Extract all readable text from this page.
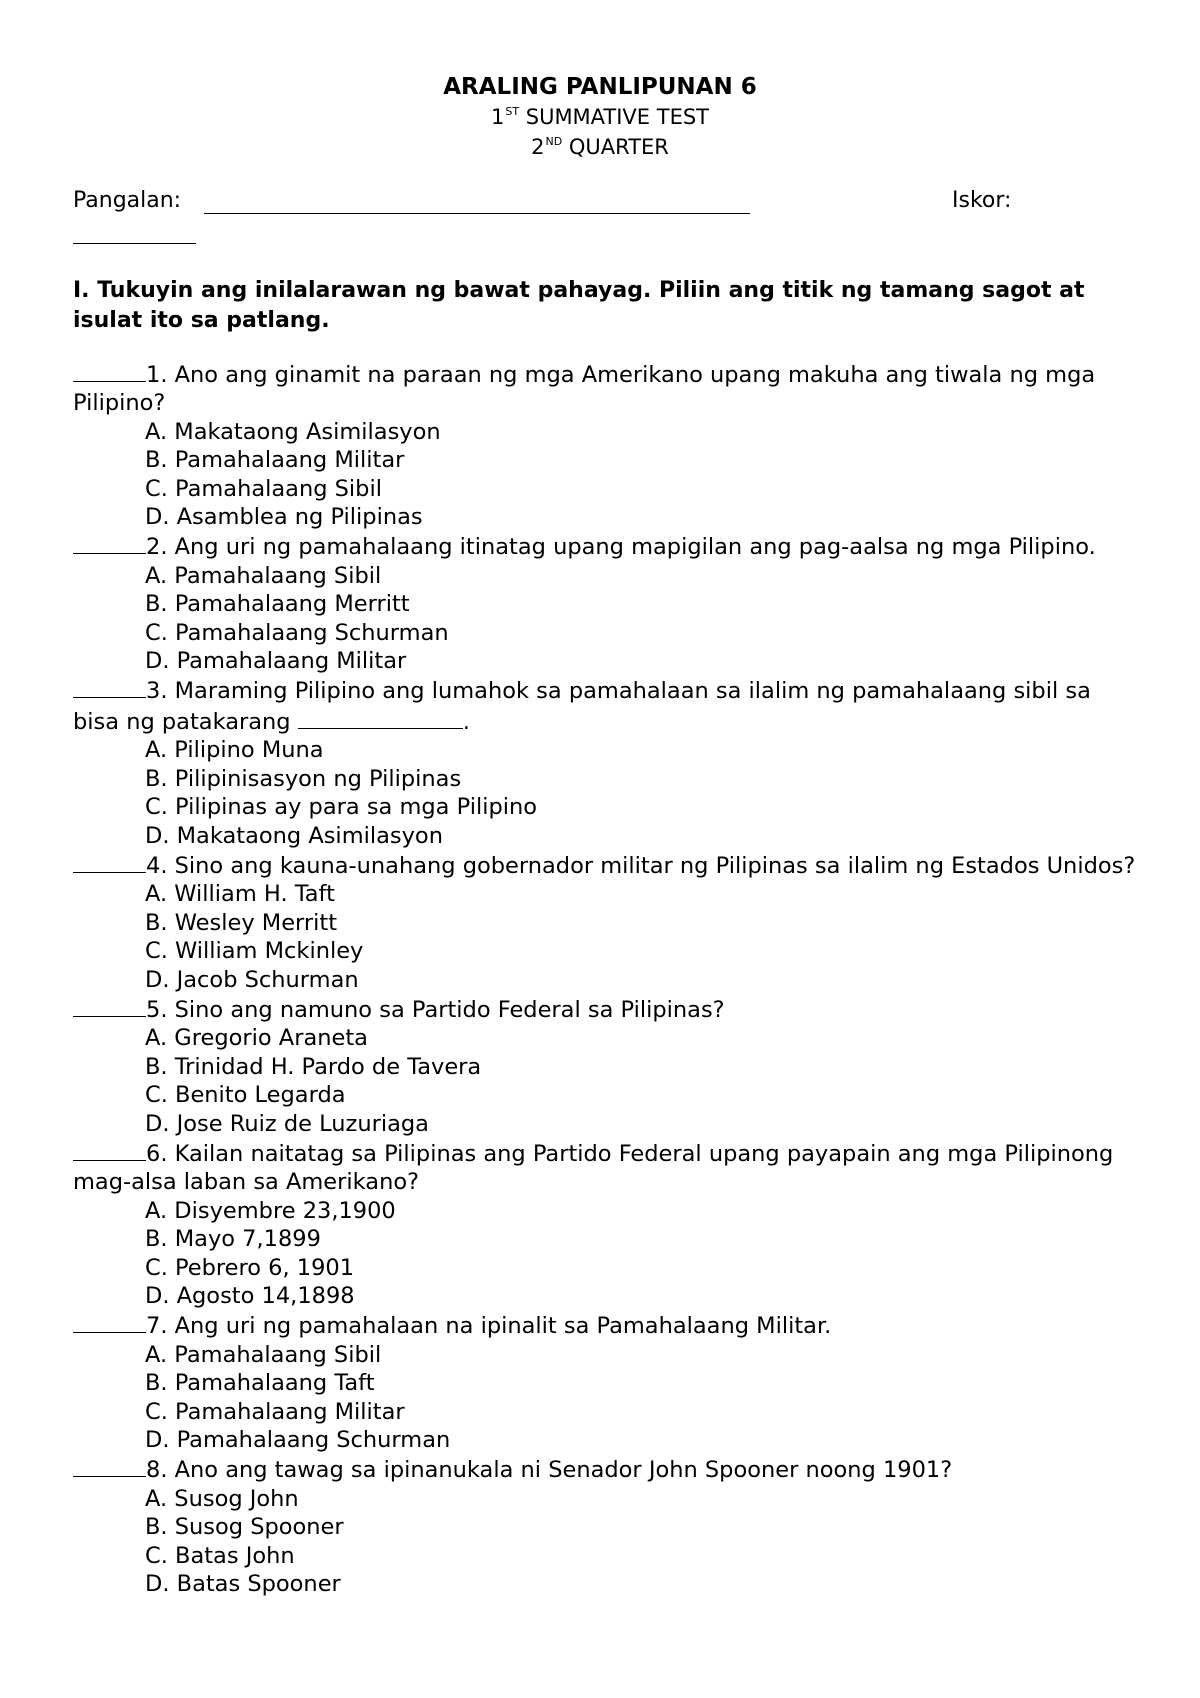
ARALING PANLIPUNAN 6
1ST SUMMATIVE TEST
2ND QUARTER
Pangalan:	Iskor:
I. Tukuyin ang inilalarawan ng bawat pahayag. Piliin ang titik ng tamang sagot at isulat ito sa patlang.
1. Ano ang ginamit na paraan ng mga Amerikano upang makuha ang tiwala ng mga Pilipino?
A. Makataong Asimilasyon
B. Pamahalaang Militar
C. Pamahalaang Sibil
D. Asamblea ng Pilipinas
2. Ang uri ng pamahalaang itinatag upang mapigilan ang pag-aalsa ng mga Pilipino.
A. Pamahalaang Sibil
B. Pamahalaang Merritt
C. Pamahalaang Schurman
D. Pamahalaang Militar
3. Maraming Pilipino ang lumahok sa pamahalaan sa ilalim ng pamahalaang sibil sa bisa ng patakarang	.
A. Pilipino Muna
B. Pilipinisasyon ng Pilipinas
C. Pilipinas ay para sa mga Pilipino
D. Makataong Asimilasyon
4. Sino ang kauna-unahang gobernador militar ng Pilipinas sa ilalim ng Estados Unidos?
A. William H. Taft
B. Wesley Merritt
C. William Mckinley
D. Jacob Schurman
5. Sino ang namuno sa Partido Federal sa Pilipinas?
A. Gregorio Araneta
B. Trinidad H. Pardo de Tavera
C. Benito Legarda
D. Jose Ruiz de Luzuriaga
6. Kailan naitatag sa Pilipinas ang Partido Federal upang payapain ang mga Pilipinong mag-alsa laban sa Amerikano?
A. Disyembre 23,1900
B. Mayo 7,1899
C. Pebrero 6, 1901
D. Agosto 14,1898
7. Ang uri ng pamahalaan na ipinalit sa Pamahalaang Militar.
A. Pamahalaang Sibil
B. Pamahalaang Taft
C. Pamahalaang Militar
D. Pamahalaang Schurman
8. Ano ang tawag sa ipinanukala ni Senador John Spooner noong 1901?
A. Susog John
B. Susog Spooner
C. Batas John
D. Batas Spooner
